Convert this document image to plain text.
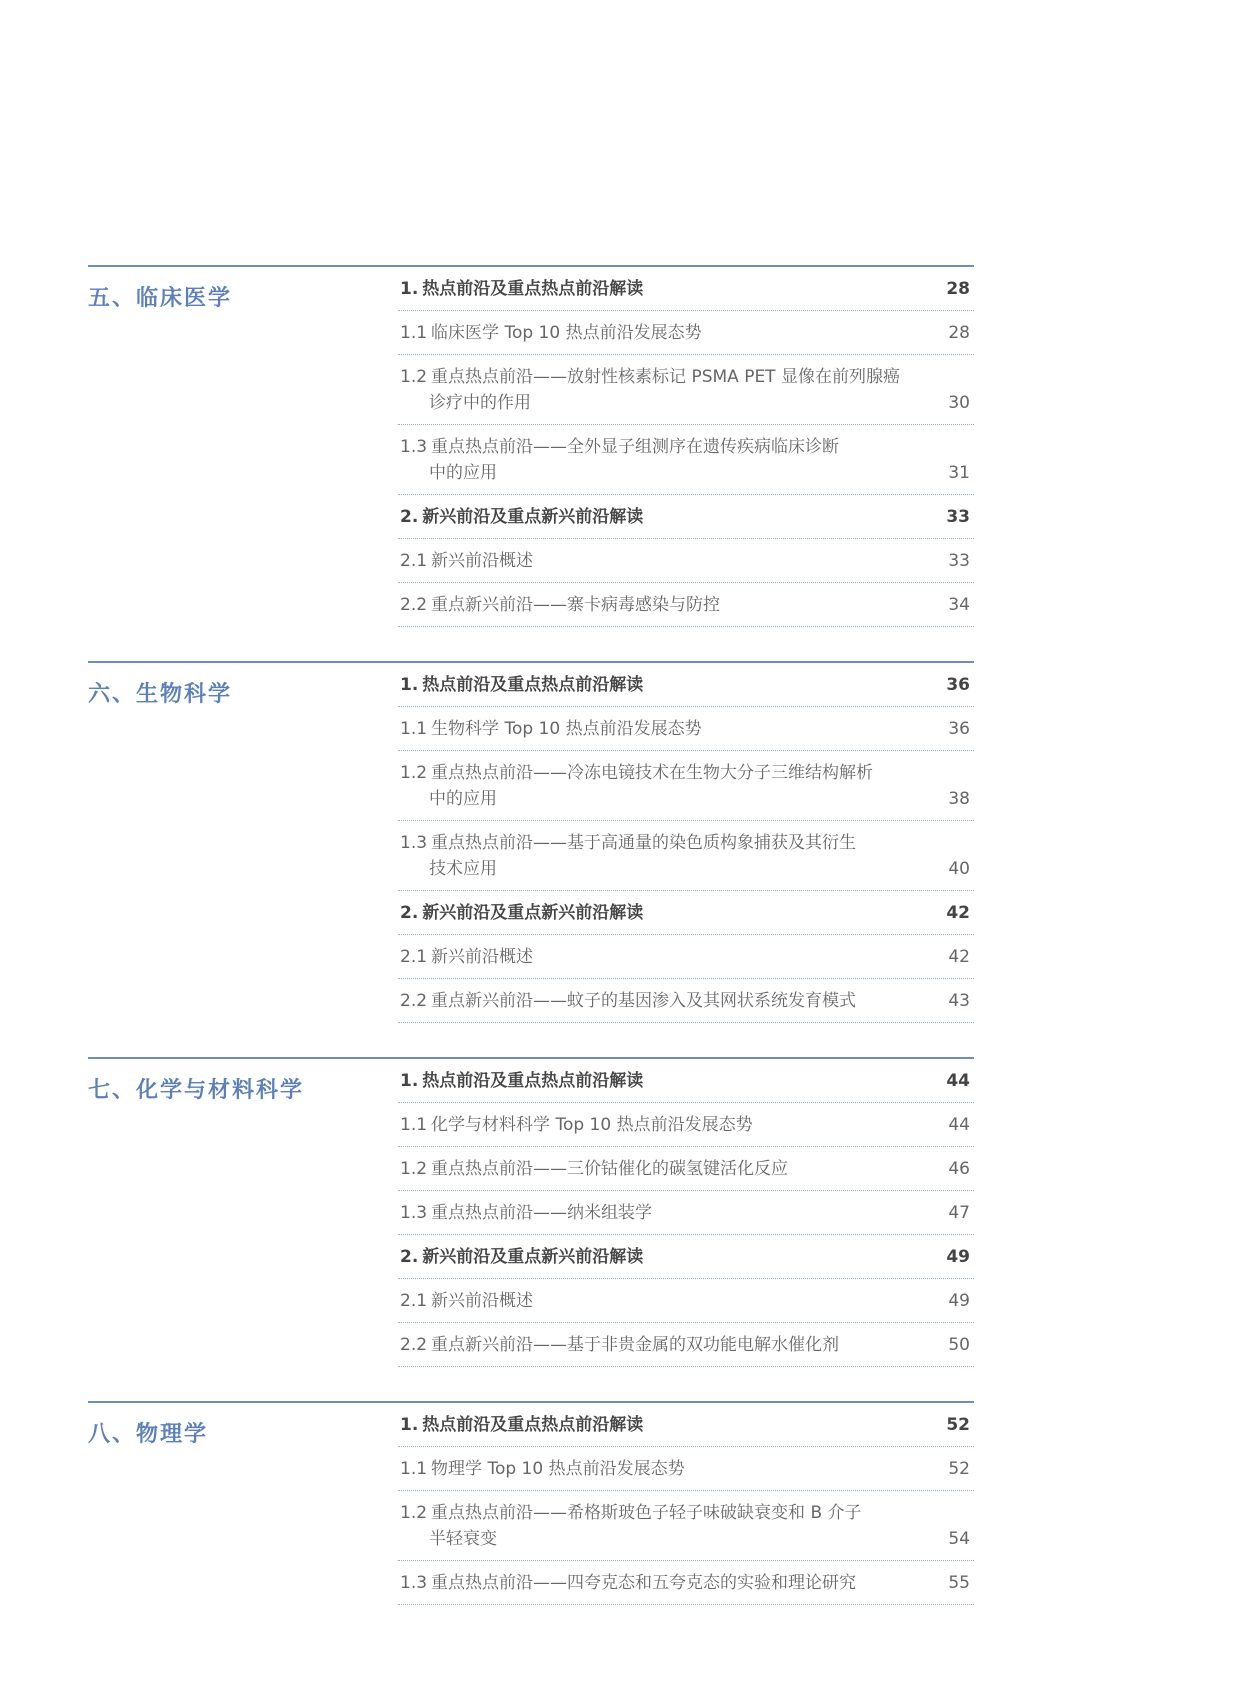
五、临床医学	1. 热点前沿及重点热点前沿解读	28
1.1 临床医学 Top 10 热点前沿发展态势	28
1.2 重点热点前沿——放射性核素标记 PSMA PET 显像在前列腺癌
诊疗中的作用	30
1.3 重点热点前沿——全外显子组测序在遗传疾病临床诊断
中的应用	31
2. 新兴前沿及重点新兴前沿解读	33
2.1 新兴前沿概述	33
2.2 重点新兴前沿——寨卡病毒感染与防控	34
六、生物科学	1. 热点前沿及重点热点前沿解读	36
1.1 生物科学 Top 10 热点前沿发展态势	36
1.2 重点热点前沿——冷冻电镜技术在生物大分子三维结构解析
中的应用	38
1.3 重点热点前沿——基于高通量的染色质构象捕获及其衍生
技术应用	40
2. 新兴前沿及重点新兴前沿解读	42
2.1 新兴前沿概述	42
2.2 重点新兴前沿——蚊子的基因渗入及其网状系统发育模式	43
七、化学与材料科学	1. 热点前沿及重点热点前沿解读	44
1.1 化学与材料科学 Top 10 热点前沿发展态势	44
1.2 重点热点前沿——三价钴催化的碳氢键活化反应	46
1.3 重点热点前沿——纳米组装学	47
2. 新兴前沿及重点新兴前沿解读	49
2.1 新兴前沿概述	49
2.2 重点新兴前沿——基于非贵金属的双功能电解水催化剂	50
八、物理学	1. 热点前沿及重点热点前沿解读	52
1.1 物理学 Top 10 热点前沿发展态势	52
1.2 重点热点前沿——希格斯玻色子轻子味破缺衰变和 B 介子
半轻衰变	54
1.3 重点热点前沿——四夸克态和五夸克态的实验和理论研究	55
